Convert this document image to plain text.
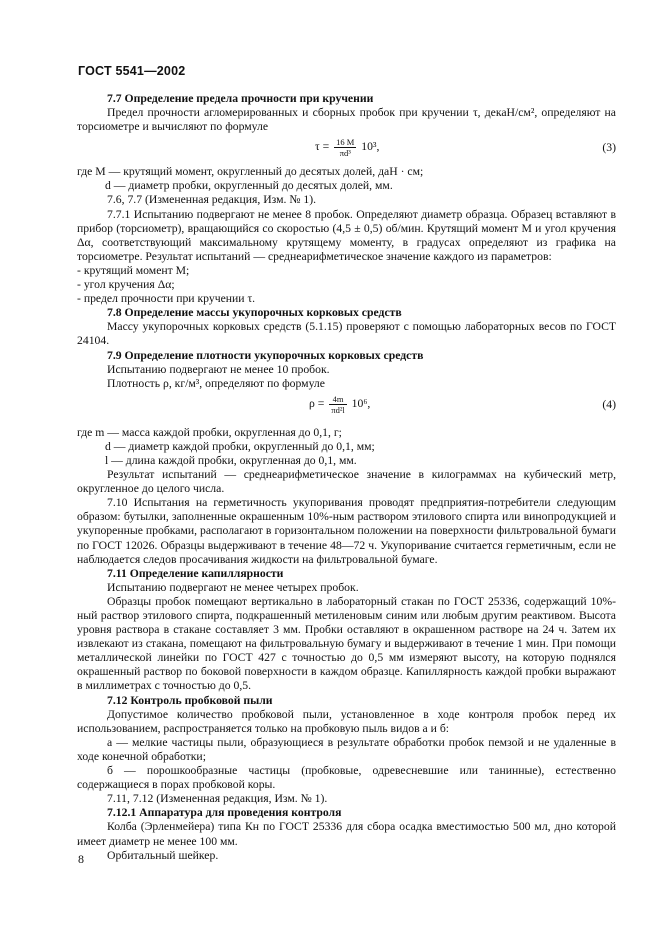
ГОСТ 5541—2002

7.7 Определение предела прочности при кручении

Предел прочности агломерированных и сборных пробок при кручении τ, декаН/см², определяют на торсиометре и вычисляют по формуле

$\tau = \frac{16 M}{\text{πd³}} 10^3$,	(3)

где M — крутящий момент, округленный до десятых долей, даН · см;

d — диаметр пробки, округленный до десятых долей, мм.

7.6, 7.7 (Измененная редакция, Изм. № 1).

7.7.1 Испытанию подвергают не менее 8 пробок. Определяют диаметр образца. Образец вставляют в прибор (торсиометр), вращающийся со скоростью (4,5 ± 0,5) об/мин. Крутящий момент M и угол кручения Δα, соответствующий максимальному крутящему моменту, в градусах определяют из графика на торсиометре. Результат испытаний — среднеарифметическое значение каждого из параметров:

- крутящий момент M;

- угол кручения Δα;

- предел прочности при кручении τ.

7.8 Определение массы укупорочных корковых средств

Массу укупорочных корковых средств (5.1.15) проверяют с помощью лабораторных весов по ГОСТ 24104.

7.9 Определение плотности укупорочных корковых средств

Испытанию подвергают не менее 10 пробок.

Плотность ρ, кг/м³, определяют по формуле

$\rho = \frac{4m}{\text{πd²l}} 10^6$,	(4)

где m — масса каждой пробки, округленная до 0,1, г;

d — диаметр каждой пробки, округленный до 0,1, мм;

l — длина каждой пробки, округленная до 0,1, мм.

Результат испытаний — среднеарифметическое значение в килограммах на кубический метр, округленное до целого числа.

7.10 Испытания на герметичность укупоривания проводят предприятия-потребители следующим образом: бутылки, заполненные окрашенным 10%-ным раствором этилового спирта или винопродукцией и укупоренные пробками, располагают в горизонтальном положении на поверхности фильтровальной бумаги по ГОСТ 12026. Образцы выдерживают в течение 48—72 ч. Укупоривание считается герметичным, если не наблюдается следов просачивания жидкости на фильтровальной бумаге.

7.11 Определение капиллярности

Испытанию подвергают не менее четырех пробок.

Образцы пробок помещают вертикально в лабораторный стакан по ГОСТ 25336, содержащий 10%-ный раствор этилового спирта, подкрашенный метиленовым синим или любым другим реактивом. Высота уровня раствора в стакане составляет 3 мм. Пробки оставляют в окрашенном растворе на 24 ч. Затем их извлекают из стакана, помещают на фильтровальную бумагу и выдерживают в течение 1 мин. При помощи металлической линейки по ГОСТ 427 с точностью до 0,5 мм измеряют высоту, на которую поднялся окрашенный раствор по боковой поверхности в каждом образце. Капиллярность каждой пробки выражают в миллиметрах с точностью до 0,5.

7.12 Контроль пробковой пыли

Допустимое количество пробковой пыли, установленное в ходе контроля пробок перед их использованием, распространяется только на пробковую пыль видов а и б:

а — мелкие частицы пыли, образующиеся в результате обработки пробок пемзой и не удаленные в ходе конечной обработки;

б — порошкообразные частицы (пробковые, одревесневшие или танинные), естественно содержащиеся в порах пробковой коры.

7.11, 7.12 (Измененная редакция, Изм. № 1).

7.12.1 Аппаратура для проведения контроля

Колба (Эрленмейера) типа Кн по ГОСТ 25336 для сбора осадка вместимостью 500 мл, дно которой имеет диаметр не менее 100 мм.

Орбитальный шейкер.

8
